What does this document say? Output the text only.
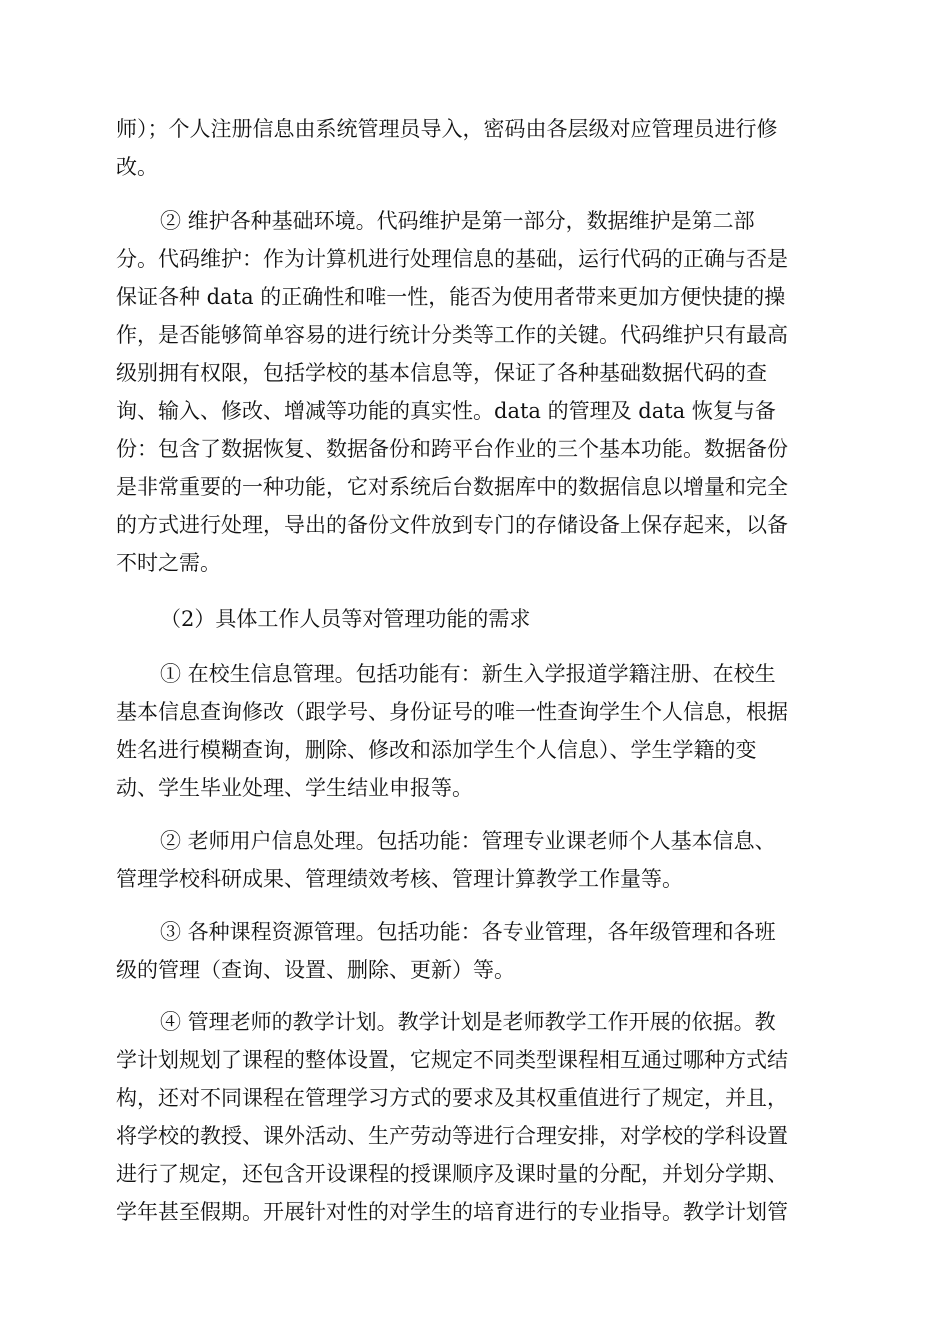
师）；个人注册信息由系统管理员导入，密码由各层级对应管理员进行修
改。
② 维护各种基础环境。代码维护是第一部分，数据维护是第二部
分。代码维护：作为计算机进行处理信息的基础，运行代码的正确与否是
保证各种 data 的正确性和唯一性，能否为使用者带来更加方便快捷的操
作，是否能够简单容易的进行统计分类等工作的关键。代码维护只有最高
级别拥有权限，包括学校的基本信息等，保证了各种基础数据代码的查
询、输入、修改、增减等功能的真实性。data 的管理及 data 恢复与备
份：包含了数据恢复、数据备份和跨平台作业的三个基本功能。数据备份
是非常重要的一种功能，它对系统后台数据库中的数据信息以增量和完全
的方式进行处理，导出的备份文件放到专门的存储设备上保存起来，以备
不时之需。
（2）具体工作人员等对管理功能的需求
① 在校生信息管理。包括功能有：新生入学报道学籍注册、在校生
基本信息查询修改（跟学号、身份证号的唯一性查询学生个人信息，根据
姓名进行模糊查询，删除、修改和添加学生个人信息）、学生学籍的变
动、学生毕业处理、学生结业申报等。
② 老师用户信息处理。包括功能：管理专业课老师个人基本信息、
管理学校科研成果、管理绩效考核、管理计算教学工作量等。
③ 各种课程资源管理。包括功能：各专业管理，各年级管理和各班
级的管理（查询、设置、删除、更新）等。
④ 管理老师的教学计划。教学计划是老师教学工作开展的依据。教
学计划规划了课程的整体设置，它规定不同类型课程相互通过哪种方式结
构，还对不同课程在管理学习方式的要求及其权重值进行了规定，并且，
将学校的教授、课外活动、生产劳动等进行合理安排，对学校的学科设置
进行了规定，还包含开设课程的授课顺序及课时量的分配，并划分学期、
学年甚至假期。开展针对性的对学生的培育进行的专业指导。教学计划管
